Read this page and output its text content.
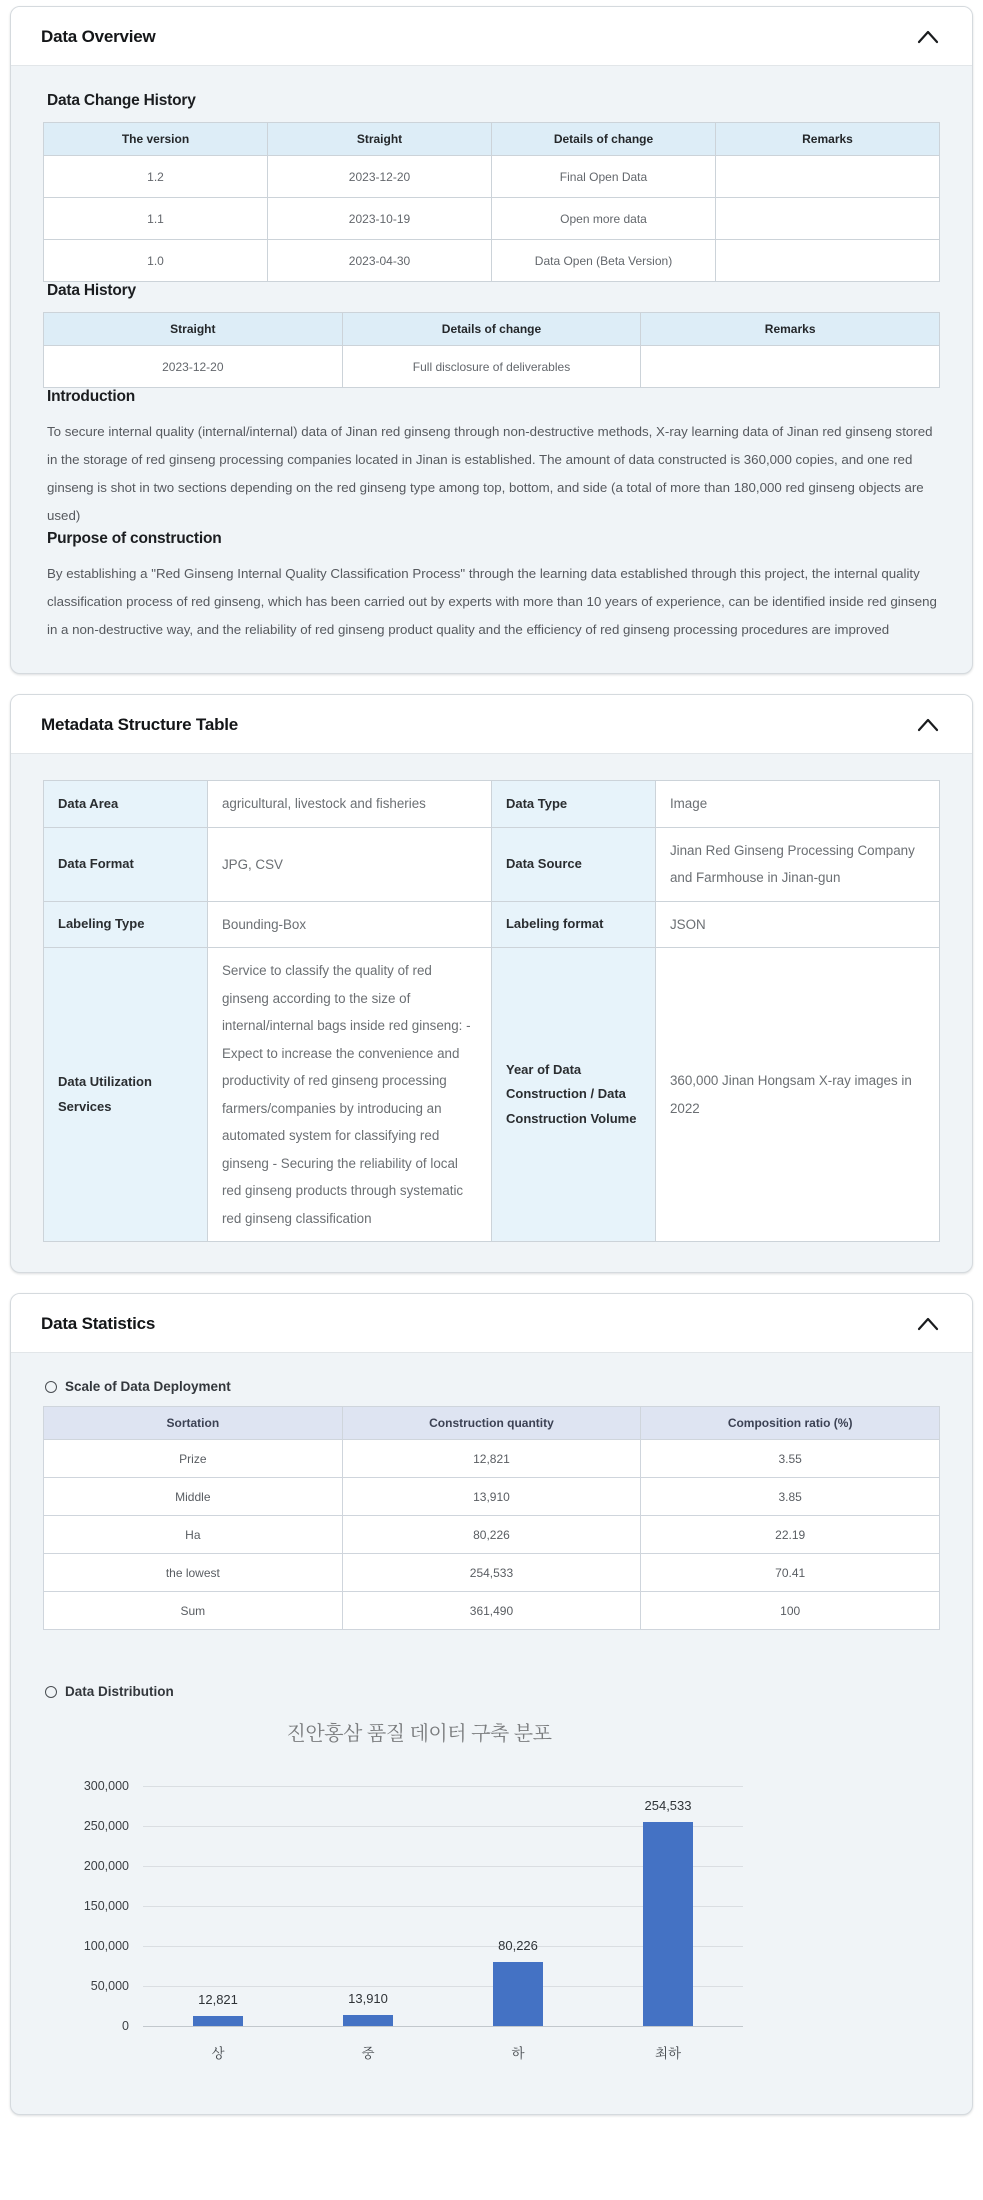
Data Overview
Data Change History
The version	Straight	Details of change	Remarks
1.2	2023-12-20	Final Open Data	
1.1	2023-10-19	Open more data	
1.0	2023-04-30	Data Open (Beta Version)	
Data History
Straight	Details of change	Remarks
2023-12-20	Full disclosure of deliverables	
Introduction

To secure internal quality (internal/internal) data of Jinan red ginseng through non-destructive methods, X-ray learning data of Jinan red ginseng stored in the storage of red ginseng processing companies located in Jinan is established. The amount of data constructed is 360,000 copies, and one red ginseng is shot in two sections depending on the red ginseng type among top, bottom, and side (a total of more than 180,000 red ginseng objects are used)

Purpose of construction

By establishing a "Red Ginseng Internal Quality Classification Process" through the learning data established through this project, the internal quality classification process of red ginseng, which has been carried out by experts with more than 10 years of experience, can be identified inside red ginseng in a non-destructive way, and the reliability of red ginseng product quality and the efficiency of red ginseng processing procedures are improved

Metadata Structure Table
Data Area	agricultural, livestock and fisheries	Data Type	Image
Data Format	JPG, CSV	Data Source	Jinan Red Ginseng Processing Company and Farmhouse in Jinan-gun
Labeling Type	Bounding-Box	Labeling format	JSON
Data Utilization Services	Service to classify the quality of red ginseng according to the size of internal/internal bags inside red ginseng: - Expect to increase the convenience and productivity of red ginseng processing farmers/companies by introducing an automated system for classifying red ginseng - Securing the reliability of local red ginseng products through systematic red ginseng classification	Year of Data Construction / Data Construction Volume	360,000 Jinan Hongsam X-ray images in 2022
Data Statistics
Scale of Data Deployment
Sortation	Construction quantity	Composition ratio (%)
Prize	12,821	3.55
Middle	13,910	3.85
Ha	80,226	22.19
the lowest	254,533	70.41
Sum	361,490	100
Data Distribution
진안홍삼 품질 데이터 구축 분포
300,000
250,000
200,000
150,000
100,000
50,000
0
12,821
상
13,910
중
80,226
하
254,533
최하
